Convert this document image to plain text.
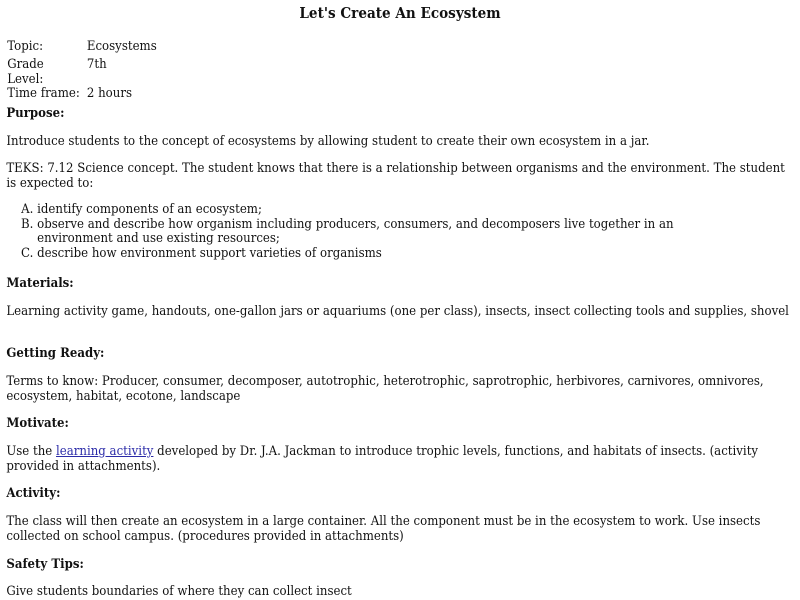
Let's Create An Ecosystem
Topic:	Ecosystems
Grade Level:	7th
Time frame:	2 hours
Purpose:

Introduce students to the concept of ecosystems by allowing student to create their own ecosystem in a jar.

TEKS: 7.12 Science concept. The student knows that there is a relationship between organisms and the environment. The student is expected to:

A. identify components of an ecosystem;
B. observe and describe how organism including producers, consumers, and decomposers live together in an environment and use existing resources;
C. describe how environment support varieties of organisms
Materials:

Learning activity game, handouts, one-gallon jars or aquariums (one per class), insects, insect collecting tools and supplies, shovel

Getting Ready:

Terms to know: Producer, consumer, decomposer, autotrophic, heterotrophic, saprotrophic, herbivores, carnivores, omnivores, ecosystem, habitat, ecotone, landscape

Motivate:

Use the learning activity developed by Dr. J.A. Jackman to introduce trophic levels, functions, and habitats of insects. (activity provided in attachments).

Activity:

The class will then create an ecosystem in a large container. All the component must be in the ecosystem to work. Use insects collected on school campus. (procedures provided in attachments)

Safety Tips:

Give students boundaries of where they can collect insect
